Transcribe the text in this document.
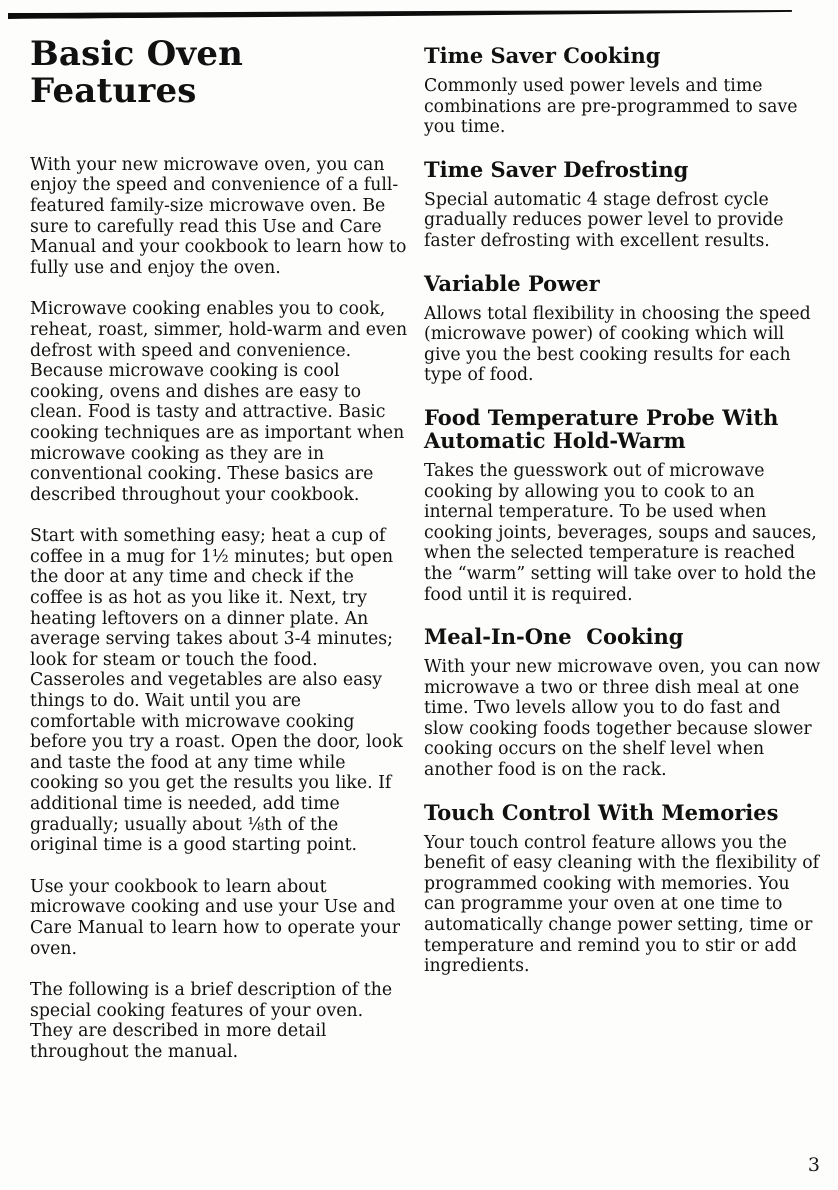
Basic Oven Features

With your new microwave oven, you can enjoy the speed and convenience of a full-featured family-size microwave oven. Be sure to carefully read this Use and Care Manual and your cookbook to learn how to fully use and enjoy the oven.

Microwave cooking enables you to cook, reheat, roast, simmer, hold-warm and even defrost with speed and convenience. Because microwave cooking is cool cooking, ovens and dishes are easy to clean. Food is tasty and attractive. Basic cooking techniques are as important when microwave cooking as they are in conventional cooking. These basics are described throughout your cookbook.

Start with something easy; heat a cup of coffee in a mug for 1½ minutes; but open the door at any time and check if the coffee is as hot as you like it. Next, try heating leftovers on a dinner plate. An average serving takes about 3-4 minutes; look for steam or touch the food. Casseroles and vegetables are also easy things to do. Wait until you are comfortable with microwave cooking before you try a roast. Open the door, look and taste the food at any time while cooking so you get the results you like. If additional time is needed, add time gradually; usually about ⅛th of the original time is a good starting point.

Use your cookbook to learn about microwave cooking and use your Use and Care Manual to learn how to operate your oven.

The following is a brief description of the special cooking features of your oven. They are described in more detail throughout the manual.

Time Saver Cooking

Commonly used power levels and time combinations are pre-programmed to save you time.

Time Saver Defrosting

Special automatic 4 stage defrost cycle gradually reduces power level to provide faster defrosting with excellent results.

Variable Power

Allows total flexibility in choosing the speed (microwave power) of cooking which will give you the best cooking results for each type of food.

Food Temperature Probe With Automatic Hold-Warm

Takes the guesswork out of microwave cooking by allowing you to cook to an internal temperature. To be used when cooking joints, beverages, soups and sauces, when the selected temperature is reached the “warm” setting will take over to hold the food until it is required.

Meal-In-One  Cooking

With your new microwave oven, you can now microwave a two or three dish meal at one time. Two levels allow you to do fast and slow cooking foods together because slower cooking occurs on the shelf level when another food is on the rack.

Touch Control With Memories

Your touch control feature allows you the benefit of easy cleaning with the flexibility of programmed cooking with memories. You can programme your oven at one time to automatically change power setting, time or temperature and remind you to stir or add ingredients.

3
